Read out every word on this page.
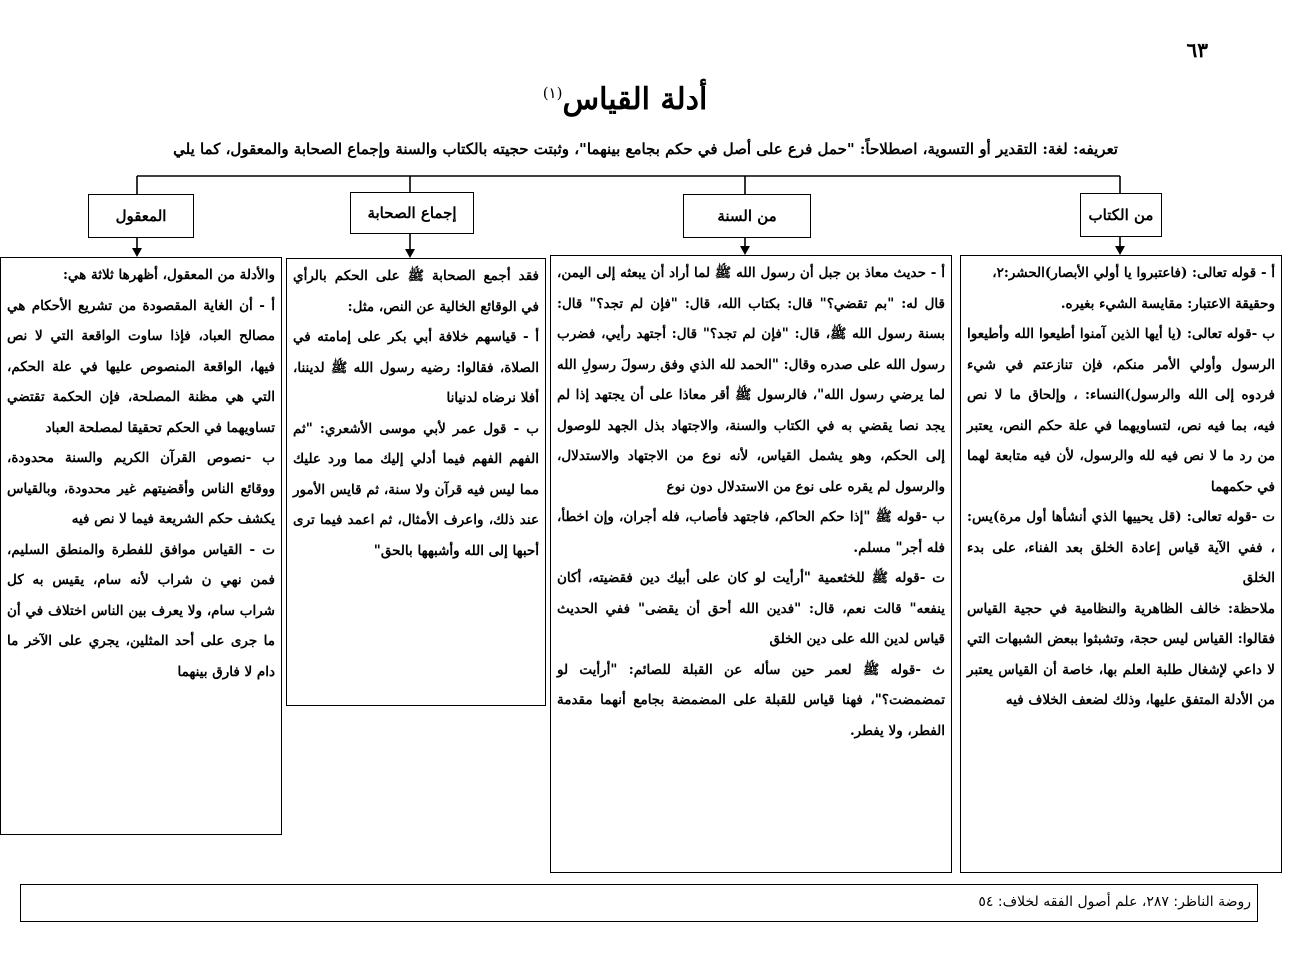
٦٣
أدلة القياس$^{(١)}$
تعريفه: لغة: التقدير أو التسوية، اصطلاحاً: "حمل فرع على أصل في حكم بجامع بينهما"، وثبتت حجيته بالكتاب والسنة وإجماع الصحابة والمعقول، كما يلي
من الكتاب
من السنة
إجماع الصحابة
المعقول

أ - قوله تعالى: (فاعتبروا يا أولي الأبصار)الحشر:٢،

وحقيقة الاعتبار: مقايسة الشيء بغيره.

ب -قوله تعالى: (يا أيها الذين آمنوا أطيعوا الله وأطيعوا الرسول وأولي الأمر منكم، فإن تنازعتم في شيء فردوه إلى الله والرسول)النساء: ، وإلحاق ما لا نص فيه، بما فيه نص، لتساويهما في علة حكم النص، يعتبر من رد ما لا نص فيه لله والرسول، لأن فيه متابعة لهما في حكمهما

ت -قوله تعالى: (قل يحييها الذي أنشأها أول مرة)يس: ، ففي الآية قياس إعادة الخلق بعد الفناء، على بدء الخلق

ملاحظة: خالف الظاهرية والنظامية في حجية القياس فقالوا: القياس ليس حجة، وتشبثوا ببعض الشبهات التي لا داعي لإشغال طلبة العلم بها، خاصة أن القياس يعتبر من الأدلة المتفق عليها، وذلك لضعف الخلاف فيه

أ - حديث معاذ بن جبل أن رسول الله ﷺ لما أراد أن يبعثه إلى اليمن، قال له: "بم تقضي؟" قال: بكتاب الله، قال: "فإن لم تجد؟" قال: بسنة رسول الله ﷺ، قال: "فإن لم تجد؟" قال: أجتهد رأيي، فضرب رسول الله على صدره وقال: "الحمد لله الذي وفق رسولَ رسولِ الله لما يرضي رسول الله"، فالرسول ﷺ أقر معاذا على أن يجتهد إذا لم يجد نصا يقضي به في الكتاب والسنة، والاجتهاد بذل الجهد للوصول إلى الحكم، وهو يشمل القياس، لأنه نوع من الاجتهاد والاستدلال، والرسول لم يقره على نوع من الاستدلال دون نوع

ب -قوله ﷺ "إذا حكم الحاكم، فاجتهد فأصاب، فله أجران، وإن اخطأ، فله أجر" مسلم.

ت -قوله ﷺ للخثعمية "أرأيت لو كان على أبيك دين فقضيته، أكان ينفعه" قالت نعم، قال: "فدين الله أحق أن يقضى" ففي الحديث قياس لدين الله على دين الخلق

ث -قوله ﷺ لعمر حين سأله عن القبلة للصائم: "أرأيت لو تمضمضت؟"، فهنا قياس للقبلة على المضمضة بجامع أنهما مقدمة الفطر، ولا يفطر.

فقد أجمع الصحابة ﷺ على الحكم بالرأي في الوقائع الخالية عن النص، مثل:

أ - قياسهم خلافة أبي بكر على إمامته في الصلاة، فقالوا: رضيه رسول الله ﷺ لديننا، أفلا نرضاه لدنيانا

ب - قول عمر لأبي موسى الأشعري: "ثم الفهم الفهم فيما أدلي إليك مما ورد عليك مما ليس فيه قرآن ولا سنة، ثم قايس الأمور عند ذلك، واعرف الأمثال، ثم اعمد فيما ترى أحبها إلى الله وأشبهها بالحق"

والأدلة من المعقول، أظهرها ثلاثة هي:

أ - أن الغاية المقصودة من تشريع الأحكام هي مصالح العباد، فإذا ساوت الواقعة التي لا نص فيها، الواقعة المنصوص عليها في علة الحكم، التي هي مظنة المصلحة، فإن الحكمة تقتضي تساويهما في الحكم تحقيقا لمصلحة العباد

ب -نصوص القرآن الكريم والسنة محدودة، ووقائع الناس وأقضيتهم غير محدودة، وبالقياس يكشف حكم الشريعة فيما لا نص فيه

ت - القياس موافق للفطرة والمنطق السليم، فمن نهي ن شراب لأنه سام، يقيس به كل شراب سام، ولا يعرف بين الناس اختلاف في أن ما جرى على أحد المثلين، يجري على الآخر ما دام لا فارق بينهما

روضة الناظر: ٢٨٧، علم أصول الفقه لخلاف: ٥٤
